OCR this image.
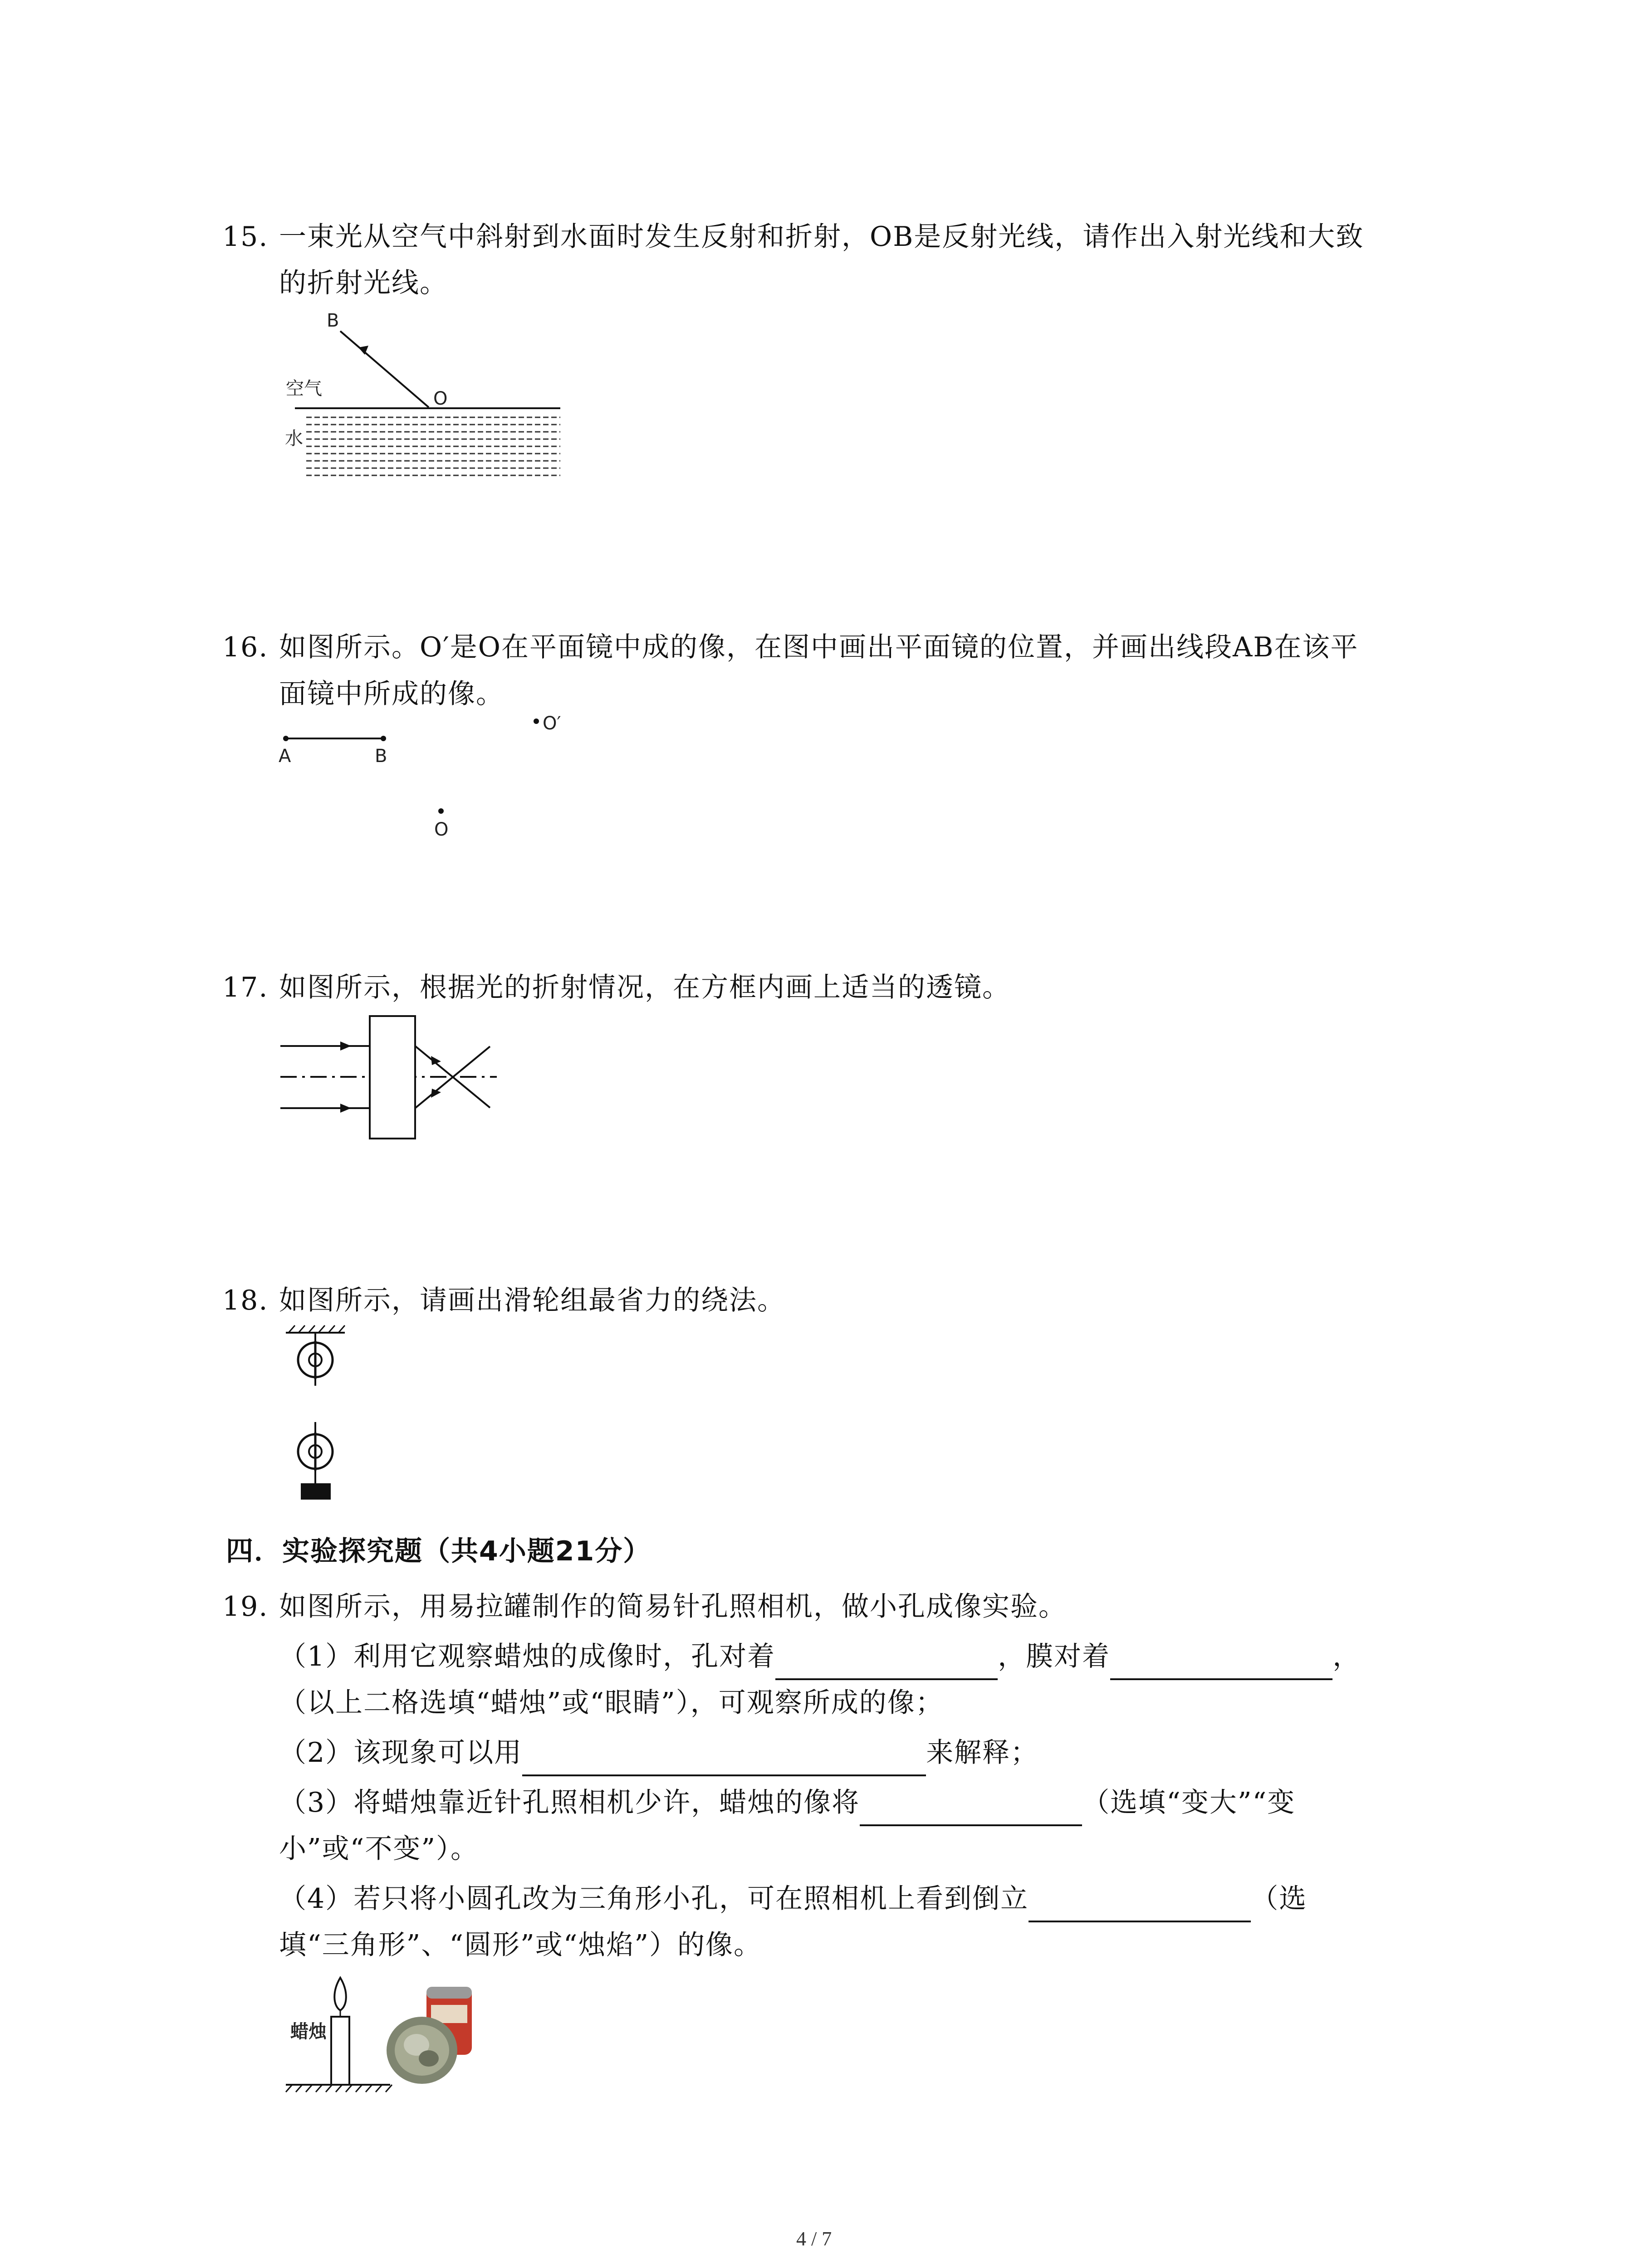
15. 一束光从空气中斜射到水面时发生反射和折射，OB是反射光线，请作出入射光线和大致
的折射光线。
B
空气	O
水
16. 如图所示。O′是O在平面镜中成的像，在图中画出平面镜的位置，并画出线段AB在该平
面镜中所成的像。
A	B
O′
O
17. 如图所示，根据光的折射情况，在方框内画上适当的透镜。
18. 如图所示，请画出滑轮组最省力的绕法。
四．实验探究题（共4小题21分）
19. 如图所示，用易拉罐制作的简易针孔照相机，做小孔成像实验。
（1）利用它观察蜡烛的成像时，孔对着	，膜对着	，
（以上二格选填“蜡烛”或“眼睛”），可观察所成的像；
（2）该现象可以用	来解释；
（3）将蜡烛靠近针孔照相机少许，蜡烛的像将	（选填“变大”“变
小”或“不变”）。
（4）若只将小圆孔改为三角形小孔，可在照相机上看到倒立	（选
填“三角形”、“圆形”或“烛焰”）的像。
蜡烛
4 / 7
